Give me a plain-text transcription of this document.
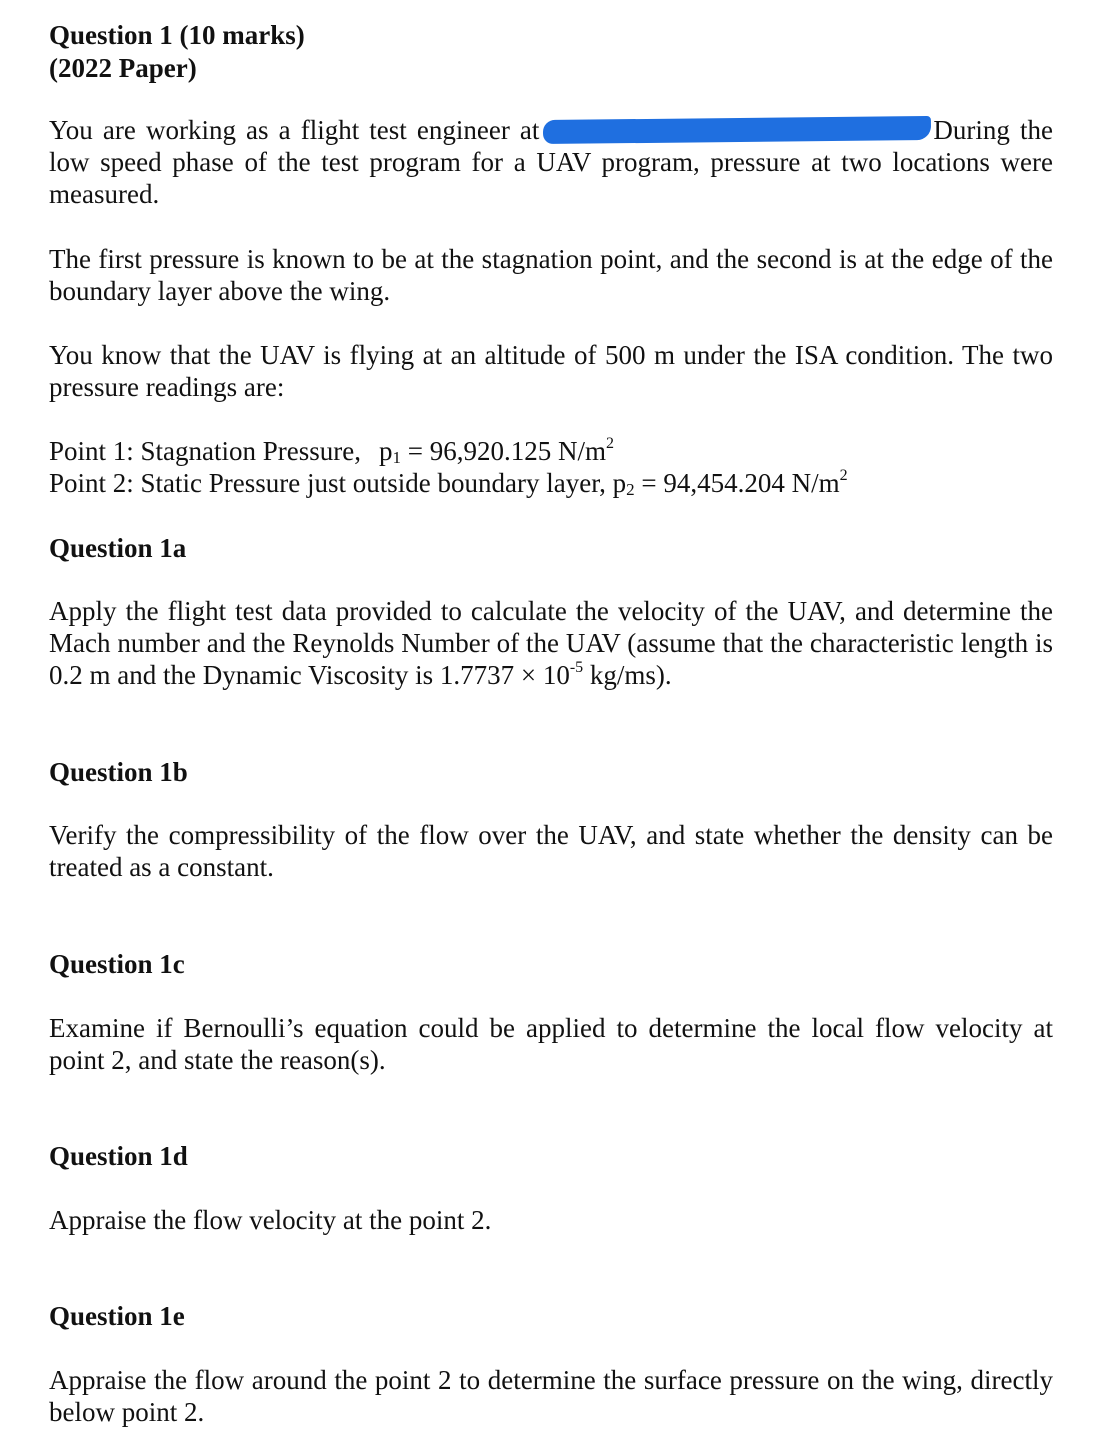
Question 1 (10 marks)

(2022 Paper)

You are working as a flight test engineer at	During the low speed phase of the test program for a UAV program, pressure at two locations were measured.

The first pressure is known to be at the stagnation point, and the second is at the edge of the boundary layer above the wing.

You know that the UAV is flying at an altitude of 500 m under the ISA condition. The two pressure readings are:

Point 1: Stagnation Pressure, $p_1 = 96,920.125$ $N/m^2$

Point 2: Static Pressure just outside boundary layer, $p_2 = 94,454.204$ $N/m^2$

Question 1a

Apply the flight test data provided to calculate the velocity of the UAV, and determine the Mach number and the Reynolds Number of the UAV (assume that the characteristic length is 0.2 m and the Dynamic Viscosity is $1.7737 \times 10^{-5}$ kg/ms).

Question 1b

Verify the compressibility of the flow over the UAV, and state whether the density can be treated as a constant.

Question 1c

Examine if Bernoulli’s equation could be applied to determine the local flow velocity at point 2, and state the reason(s).

Question 1d

Appraise the flow velocity at the point 2.

Question 1e

Appraise the flow around the point 2 to determine the surface pressure on the wing, directly below point 2.
